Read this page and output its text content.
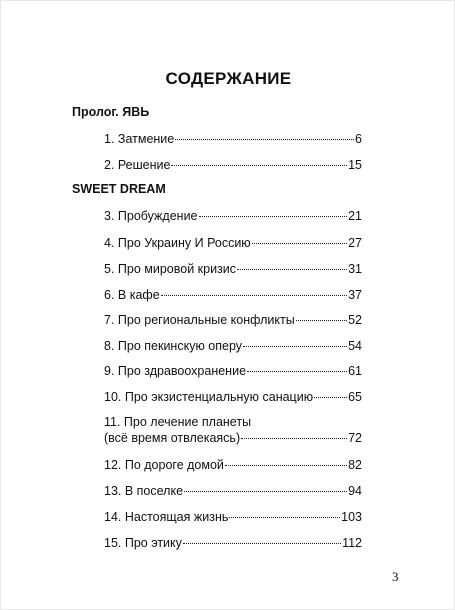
СОДЕРЖАНИЕ
Пролог. ЯВЬ
1. Затмение	6
2. Решение	15
SWEET DREAM
3. Пробуждение	21
4. Про Украину И Россию	27
5. Про мировой кризис	31
6. В кафе	37
7. Про региональные конфликты	52
8. Про пекинскую оперу	54
9. Про здравоохранение	61
10. Про экзистенциальную санацию	65
11. Про лечение планеты
(всё время отвлекаясь)	72
12. По дороге домой	82
13. В поселке	94
14. Настоящая жизнь	103
15. Про этику	112
3
